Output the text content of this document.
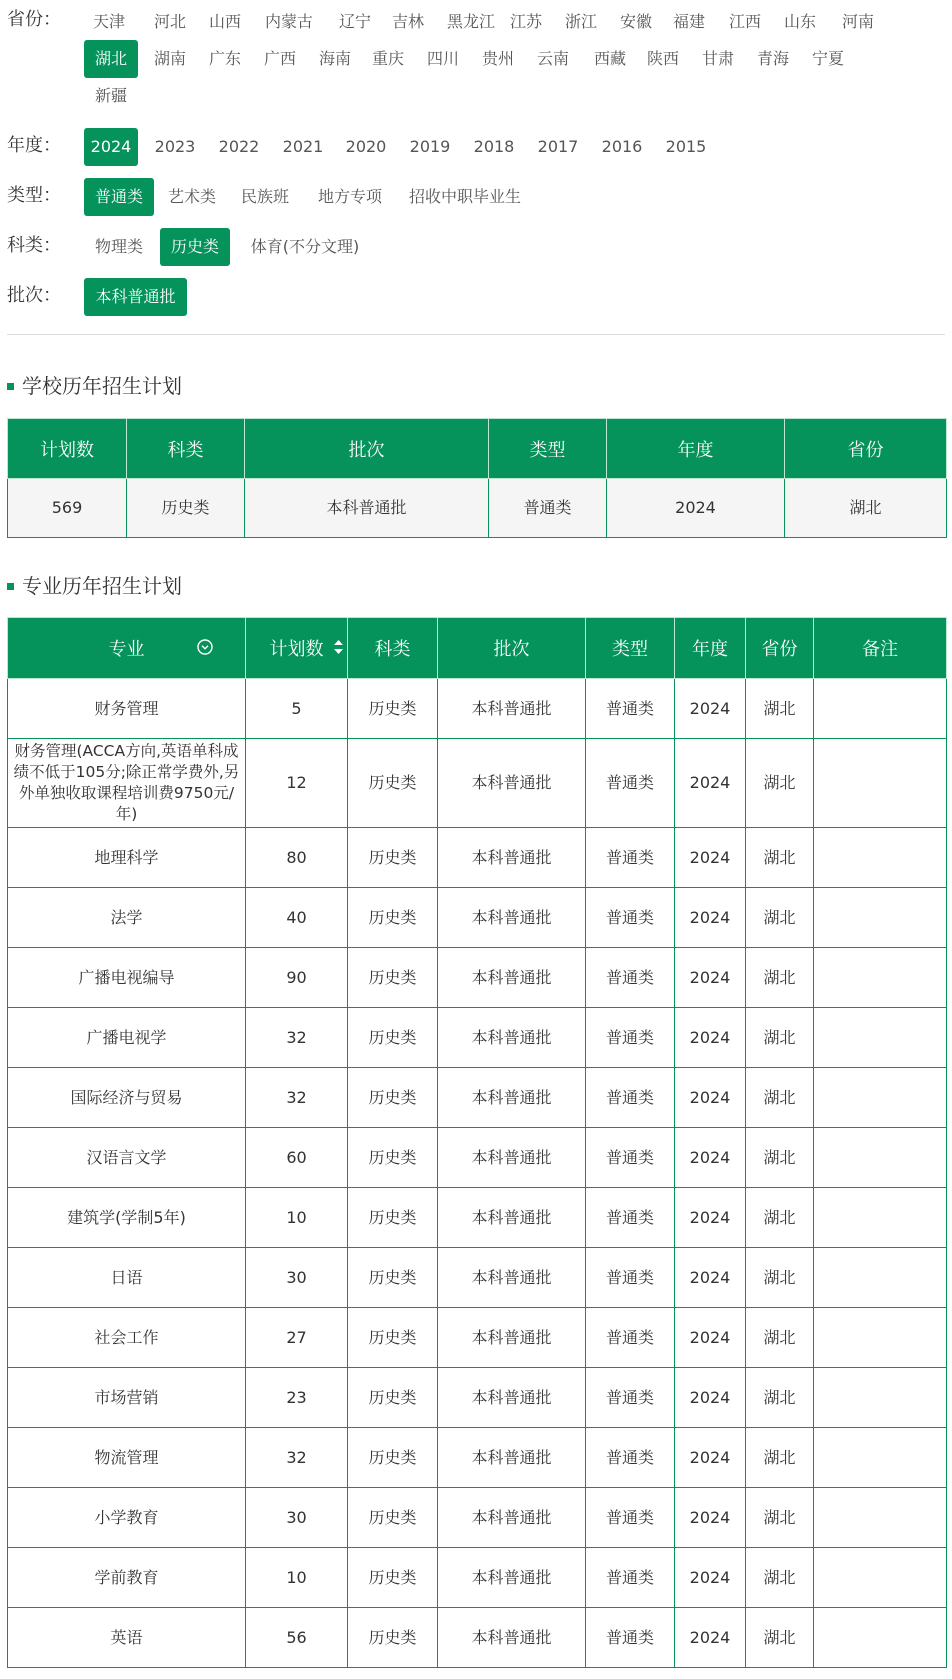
省份：	天津	河北	山西	内蒙古	辽宁	吉林	黑龙江 江苏	浙江	安徽	福建	江西	山东	河南
湖北	湖南	广东	广西	海南	重庆	四川	贵州	云南	西藏	陕西	甘肃	青海	宁夏
新疆
年度：	2024	2023	2022	2021	2020	2019	2018	2017	2016	2015
类型：	普通类	艺术类	民族班	地方专项	招收中职毕业生
科类：	物理类	历史类	体育(不分文理)
批次：	本科普通批
学校历年招生计划
计划数	科类	批次	类型	年度	省份
569	历史类	本科普通批	普通类	2024	湖北
专业历年招生计划
专业	计划数	科类	批次	类型	年度	省份	备注
财务管理	5	历史类	本科普通批	普通类	2024	湖北	
财务管理(ACCA方向,英语单科成绩不低于105分;除正常学费外,另外单独收取课程培训费9750元/年)	12	历史类	本科普通批	普通类	2024	湖北	
地理科学	80	历史类	本科普通批	普通类	2024	湖北	
法学	40	历史类	本科普通批	普通类	2024	湖北	
广播电视编导	90	历史类	本科普通批	普通类	2024	湖北	
广播电视学	32	历史类	本科普通批	普通类	2024	湖北	
国际经济与贸易	32	历史类	本科普通批	普通类	2024	湖北	
汉语言文学	60	历史类	本科普通批	普通类	2024	湖北	
建筑学(学制5年)	10	历史类	本科普通批	普通类	2024	湖北	
日语	30	历史类	本科普通批	普通类	2024	湖北	
社会工作	27	历史类	本科普通批	普通类	2024	湖北	
市场营销	23	历史类	本科普通批	普通类	2024	湖北	
物流管理	32	历史类	本科普通批	普通类	2024	湖北	
小学教育	30	历史类	本科普通批	普通类	2024	湖北	
学前教育	10	历史类	本科普通批	普通类	2024	湖北	
英语	56	历史类	本科普通批	普通类	2024	湖北	
